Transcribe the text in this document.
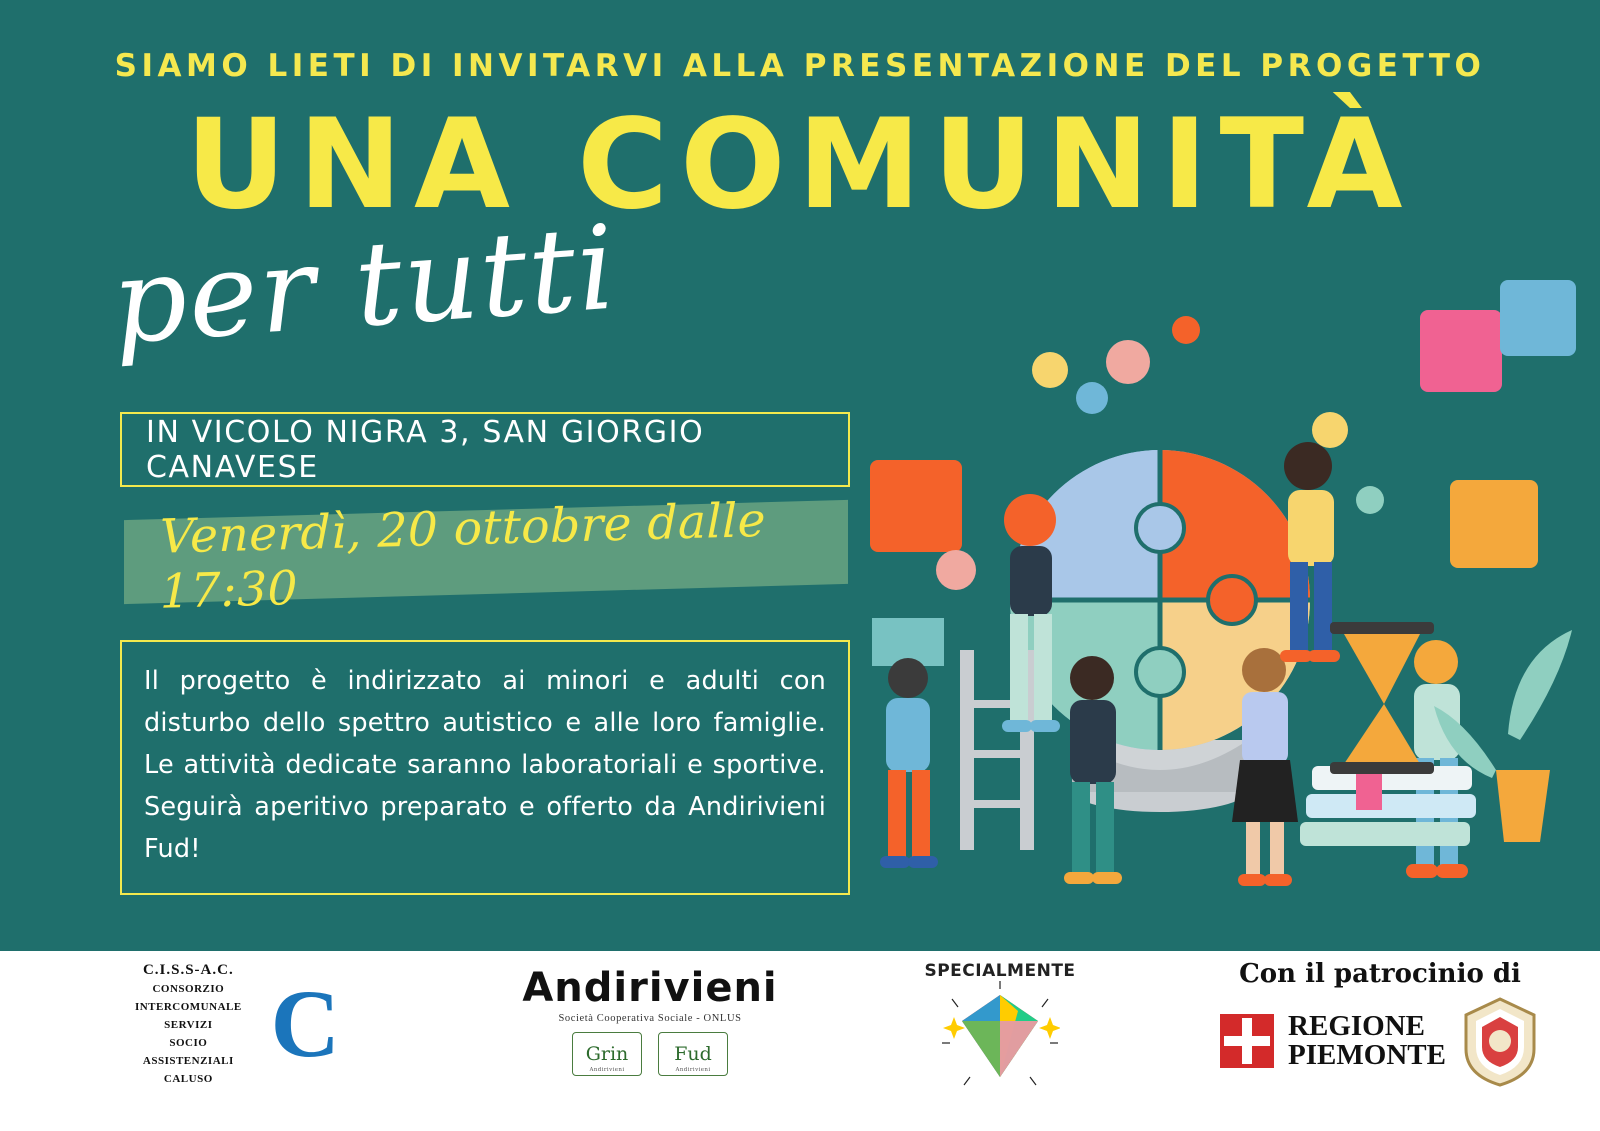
SIAMO LIETI DI INVITARVI ALLA PRESENTAZIONE DEL PROGETTO
UNA COMUNITÀ
per tutti
IN VICOLO NIGRA 3, SAN GIORGIO CANAVESE
Venerdì, 20 ottobre dalle 17:30

Il progetto è indirizzato ai minori e adulti con disturbo dello spettro autistico e alle loro famiglie. Le attività dedicate saranno laboratoriali e sportive. Seguirà aperitivo preparato e offerto da Andirivieni Fud!

C.I.S.S-A.C. CONSORZIO INTERCOMUNALE SERVIZI SOCIO ASSISTENZIALI CALUSO
C	Andirivieni
Società Cooperativa Sociale - ONLUS
Grin
Andirivieni
Fud
Andirivieni
SPECIALMENTE	Con il patrocinio di
REGIONE
PIEMONTE
